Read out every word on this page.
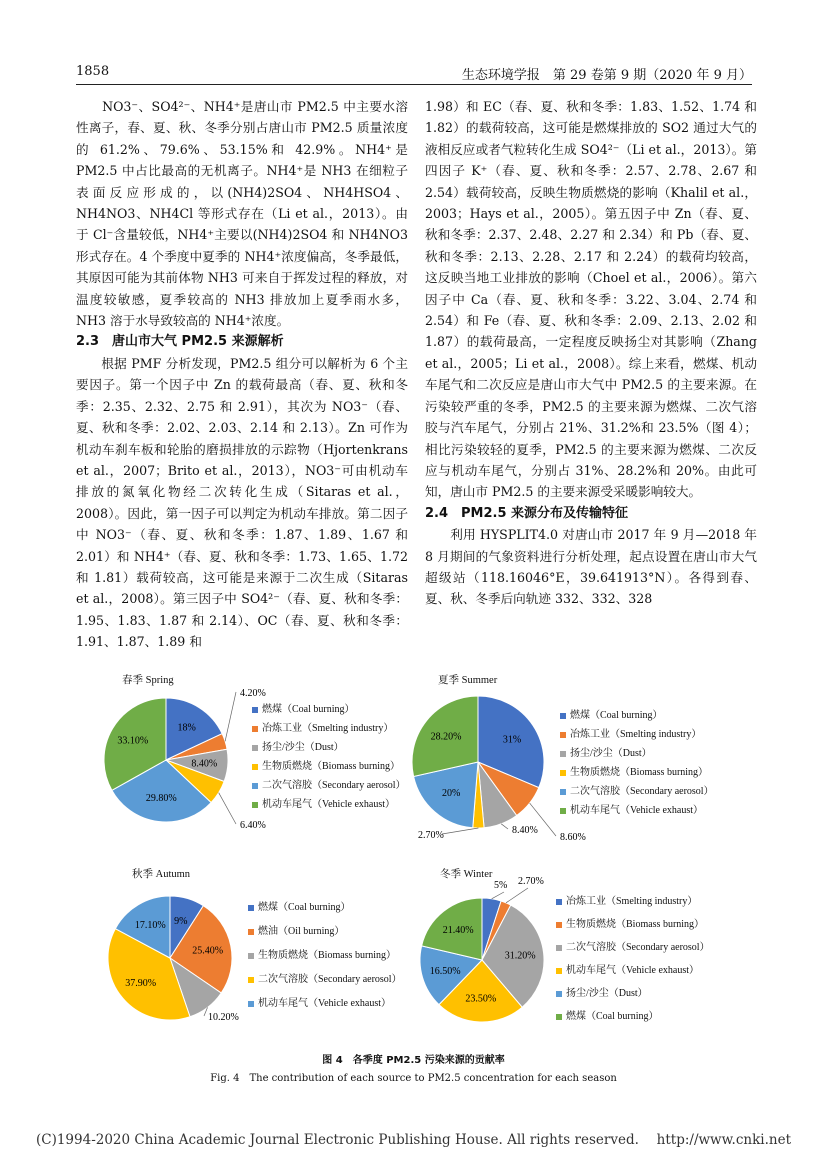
1858	生态环境学报　第 29 卷第 9 期（2020 年 9 月）

　　NO3⁻、SO4²⁻、NH4⁺是唐山市 PM2.5 中主要水溶性离子，春、夏、秋、冬季分别占唐山市 PM2.5 质量浓度的 61.2%、79.6%、53.15%和 42.9%。NH4⁺是 PM2.5 中占比最高的无机离子。NH4⁺是 NH3 在细粒子表面反应形成的，以(NH4)2SO4、NH4HSO4、NH4NO3、NH4Cl 等形式存在（Li et al.，2013）。由于 Cl⁻含量较低，NH4⁺主要以(NH4)2SO4 和 NH4NO3 形式存在。4 个季度中夏季的 NH4⁺浓度偏高，冬季最低，其原因可能为其前体物 NH3 可来自于挥发过程的释放，对温度较敏感，夏季较高的 NH3 排放加上夏季雨水多，NH3 溶于水导致较高的 NH4⁺浓度。

2.3　唐山市大气 PM2.5 来源解析

根据 PMF 分析发现，PM2.5 组分可以解析为 6 个主要因子。第一个因子中 Zn 的载荷最高（春、夏、秋和冬季：2.35、2.32、2.75 和 2.91），其次为 NO3⁻（春、夏、秋和冬季：2.02、2.03、2.14 和 2.13）。Zn 可作为机动车刹车板和轮胎的磨损排放的示踪物（Hjortenkrans et al.，2007；Brito et al.，2013），NO3⁻可由机动车排放的氮氧化物经二次转化生成（Sitaras et al.，2008）。因此，第一因子可以判定为机动车排放。第二因子中 NO3⁻（春、夏、秋和冬季：1.87、1.89、1.67 和 2.01）和 NH4⁺（春、夏、秋和冬季：1.73、1.65、1.72 和 1.81）载荷较高，这可能是来源于二次生成（Sitaras et al.，2008）。第三因子中 SO4²⁻（春、夏、秋和冬季：1.95、1.83、1.87 和 2.14）、OC（春、夏、秋和冬季：1.91、1.87、1.89 和

1.98）和 EC（春、夏、秋和冬季：1.83、1.52、1.74 和 1.82）的载荷较高，这可能是燃煤排放的 SO2 通过大气的液相反应或者气粒转化生成 SO4²⁻（Li et al.，2013）。第四因子 K⁺（春、夏、秋和冬季：2.57、2.78、2.67 和 2.54）载荷较高，反映生物质燃烧的影响（Khalil et al.，2003；Hays et al.，2005）。第五因子中 Zn（春、夏、秋和冬季：2.37、2.48、2.27 和 2.34）和 Pb（春、夏、秋和冬季：2.13、2.28、2.17 和 2.24）的载荷均较高，这反映当地工业排放的影响（Choel et al.，2006）。第六因子中 Ca（春、夏、秋和冬季：3.22、3.04、2.74 和 2.54）和 Fe（春、夏、秋和冬季：2.09、2.13、2.02 和 1.87）的载荷最高，一定程度反映扬尘对其影响（Zhang et al.，2005；Li et al.，2008）。综上来看，燃煤、机动车尾气和二次反应是唐山市大气中 PM2.5 的主要来源。在污染较严重的冬季，PM2.5 的主要来源为燃煤、二次气溶胶与汽车尾气，分别占 21%、31.2%和 23.5%（图 4）；相比污染较轻的夏季，PM2.5 的主要来源为燃煤、二次反应与机动车尾气，分别占 31%、28.2%和 20%。由此可知，唐山市 PM2.5 的主要来源受采暖影响较大。

2.4　PM2.5 来源分布及传输特征

利用 HYSPLIT4.0 对唐山市 2017 年 9 月—2018 年 8 月期间的气象资料进行分析处理，起点设置在唐山市大气超级站（118.16046°E，39.641913°N）。各得到春、夏、秋、冬季后向轨迹 332、332、328

春季 Spring
18%
4.20%
8.40%
6.40%
29.80%
33.10%
燃煤（Coal burning）
冶炼工业（Smelting industry）
扬尘/沙尘（Dust）
生物质燃烧（Biomass burning）
二次气溶胶（Secondary aerosol）
机动车尾气（Vehicle exhaust）
夏季 Summer
31%
8.60%
8.40%
2.70%
20%
28.20%
燃煤（Coal burning）
冶炼工业（Smelting industry）
扬尘/沙尘（Dust）
生物质燃烧（Biomass burning）
二次气溶胶（Secondary aerosol）
机动车尾气（Vehicle exhaust）
秋季 Autumn
9%
25.40%
10.20%
37.90%
17.10%
燃煤（Coal burning）
燃油（Oil burning）
生物质燃烧（Biomass burning）
二次气溶胶（Secondary aerosol）
机动车尾气（Vehicle exhaust）
冬季 Winter
5% 2.70%
31.20%
23.50%
16.50%
21.40%
冶炼工业（Smelting industry）
生物质燃烧（Biomass burning）
二次气溶胶（Secondary aerosol）
机动车尾气（Vehicle exhaust）
扬尘/沙尘（Dust）
燃煤（Coal burning）
图 4　各季度 PM2.5 污染来源的贡献率
Fig. 4　The contribution of each source to PM2.5 concentration for each season
(C)1994-2020 China Academic Journal Electronic Publishing House. All rights reserved.　 http://www.cnki.net
